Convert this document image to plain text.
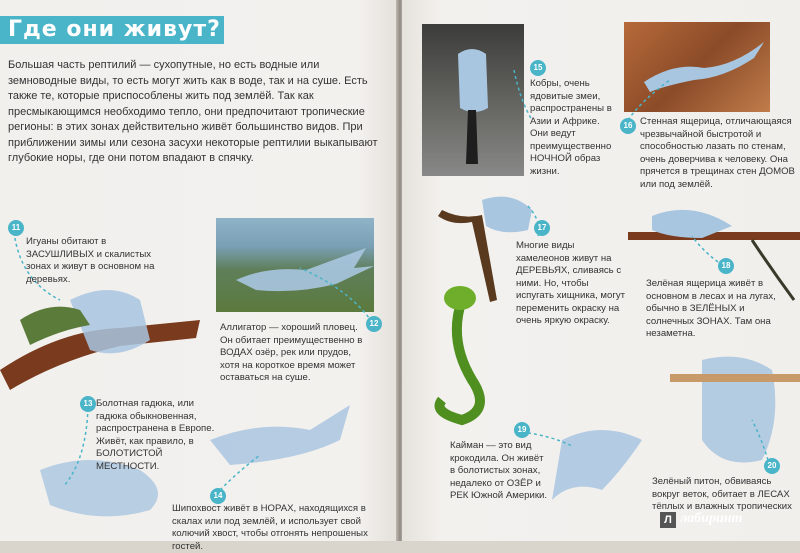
Где они живут?
Большая часть рептилий — сухопутные, но есть водные или земноводные виды, то есть могут жить как в воде, так и на суше. Есть также те, которые приспособлены жить под землёй. Так как пресмыкающимся необходимо тепло, они предпочитают тропические регионы: в этих зонах действительно живёт большинство видов. При приближении зимы или сезона засухи некоторые рептилии выкапывают глубокие норы, где они потом впадают в спячку.
11
Игуаны обитают в ЗАСУШЛИВЫХ и скалистых зонах и живут в основном на деревьях.
12
Аллигатор — хороший пловец. Он обитает преимущественно в ВОДАХ озёр, рек или прудов, хотя на короткое время может оставаться на суше.
13 Болотная гадюка, или гадюка обыкновенная, распространена в Европе. Живёт, как правило, в БОЛОТИСТОЙ МЕСТНОСТИ.
14
Шипохвост живёт в НОРАХ, находящихся в скалах или под землёй, и использует свой колючий хвост, чтобы отгонять непрошеных гостей.
15
Кобры, очень ядовитые змеи, распространены в Азии и Африке. Они ведут преимущественно НОЧНОЙ образ жизни.
16 Стенная ящерица, отличающаяся чрезвычайной быстротой и способностью лазать по стенам, очень доверчива к человеку. Она прячется в трещинах стен ДОМОВ или под землёй.
17
Многие виды хамелеонов живут на ДЕРЕВЬЯХ, сливаясь с ними. Но, чтобы испугать хищника, могут переменить окраску на очень яркую окраску.
18
Зелёная ящерица живёт в основном в лесах и на лугах, обычно в ЗЕЛЁНЫХ и солнечных ЗОНАХ. Там она незаметна.
19
Кайман — это вид крокодила. Он живёт в болотистых зонах, недалеко от ОЗЁР и РЕК Южной Америки.
20
Зелёный питон, обвиваясь вокруг веток, обитает в ЛЕСАХ тёплых и влажных тропических
Л лабиринт
